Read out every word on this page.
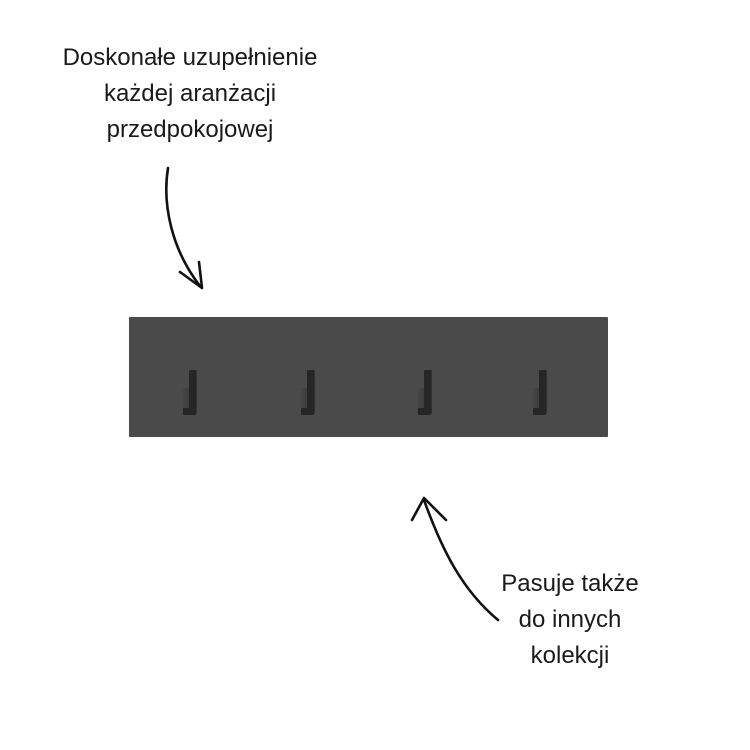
Doskonałe uzupełnienie
każdej aranżacji
przedpokojowej
Pasuje także
do innych
kolekcji
